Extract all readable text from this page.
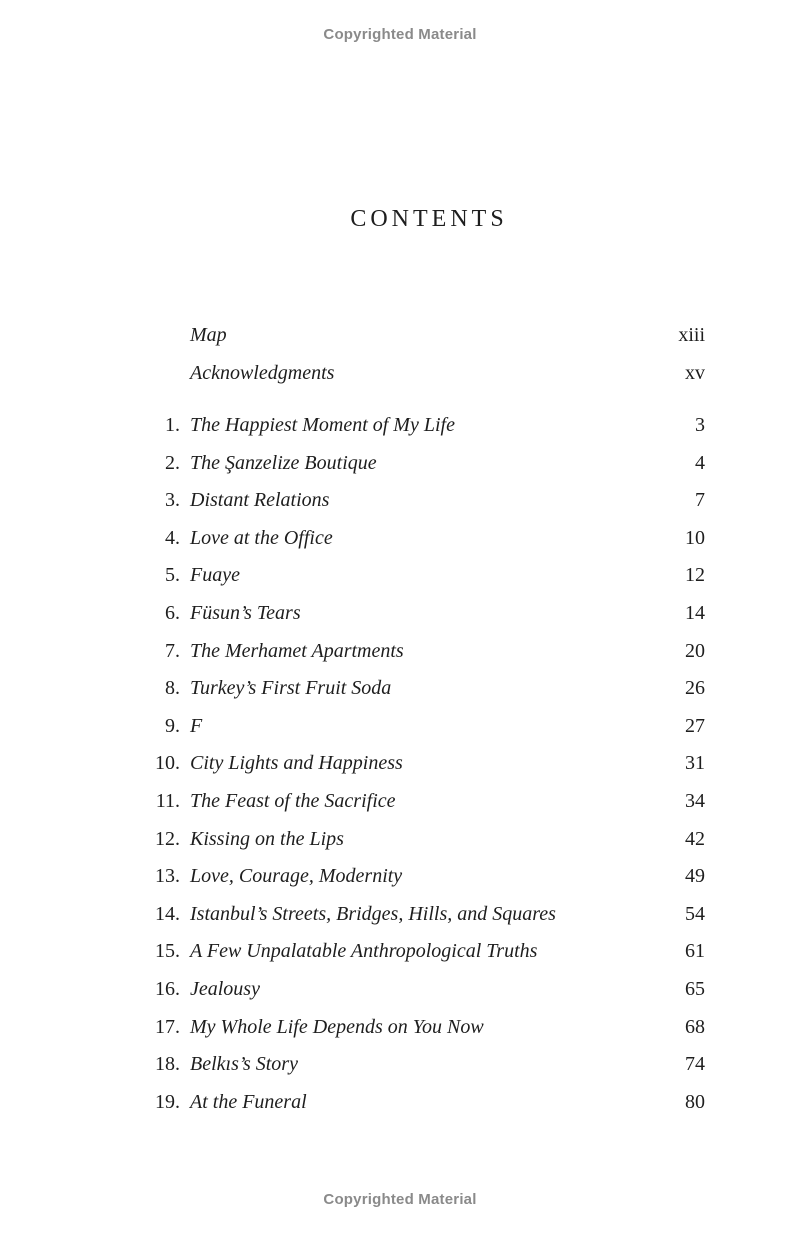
Copyrighted Material
CONTENTS
Map	xiii
Acknowledgments	xv
1. The Happiest Moment of My Life	3
2. The Şanzelize Boutique	4
3. Distant Relations	7
4. Love at the Office	10
5. Fuaye	12
6. Füsun’s Tears	14
7. The Merhamet Apartments	20
8. Turkey’s First Fruit Soda	26
9. F	27
10. City Lights and Happiness	31
11. The Feast of the Sacrifice	34
12. Kissing on the Lips	42
13. Love, Courage, Modernity	49
14. Istanbul’s Streets, Bridges, Hills, and Squares	54
15. A Few Unpalatable Anthropological Truths	61
16. Jealousy	65
17. My Whole Life Depends on You Now	68
18. Belkıs’s Story	74
19. At the Funeral	80
Copyrighted Material
